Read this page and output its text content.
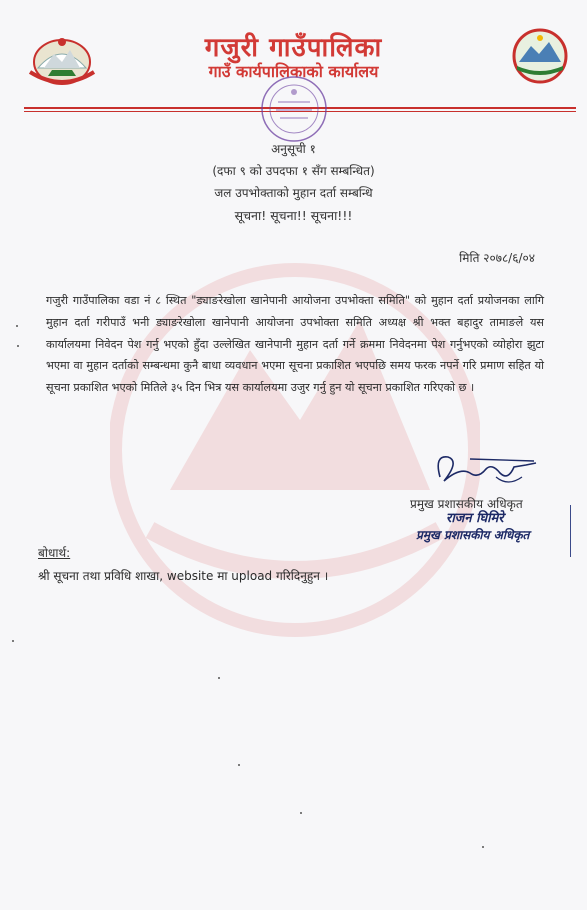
गजुरी गाउँपालिका
गाउँ कार्यपालिकाको कार्यालय
अनुसूची १
(दफा ९ को उपदफा १ सँग सम्बन्धित)
जल उपभोक्ताको मुहान दर्ता सम्बन्धि
सूचना! सूचना!! सूचना!!!
मिति २०७८/६/०४
गजुरी गाउँपालिका वडा नं ८ स्थित "ड्याङरेखोला खानेपानी आयोजना उपभोक्ता समिति" को मुहान दर्ता प्रयोजनका लागि मुहान दर्ता गरीपाउँ भनी ड्याङरेखोला खानेपानी आयोजना उपभोक्ता समिति अध्यक्ष श्री भक्त बहादुर तामाङले यस कार्यालयमा निवेदन पेश गर्नु भएको हुँदा उल्लेखित खानेपानी मुहान दर्ता गर्ने क्रममा निवेदनमा पेश गर्नुभएको व्योहोरा झुटा भएमा वा मुहान दर्ताको सम्बन्धमा कुनै बाधा व्यवधान भएमा सूचना प्रकाशित भएपछि समय फरक नपर्ने गरि प्रमाण सहित यो सूचना प्रकाशित भएको मितिले ३५ दिन भित्र यस कार्यालयमा उजुर गर्नु हुन यो सूचना प्रकाशित गरिएको छ ।
प्रमुख प्रशासकीय अधिकृत
राजन घिमिरे
प्रमुख प्रशासकीय अधिकृत
बोधार्थ:
श्री सूचना तथा प्रविधि शाखा, website मा upload गरिदिनुहुन ।
